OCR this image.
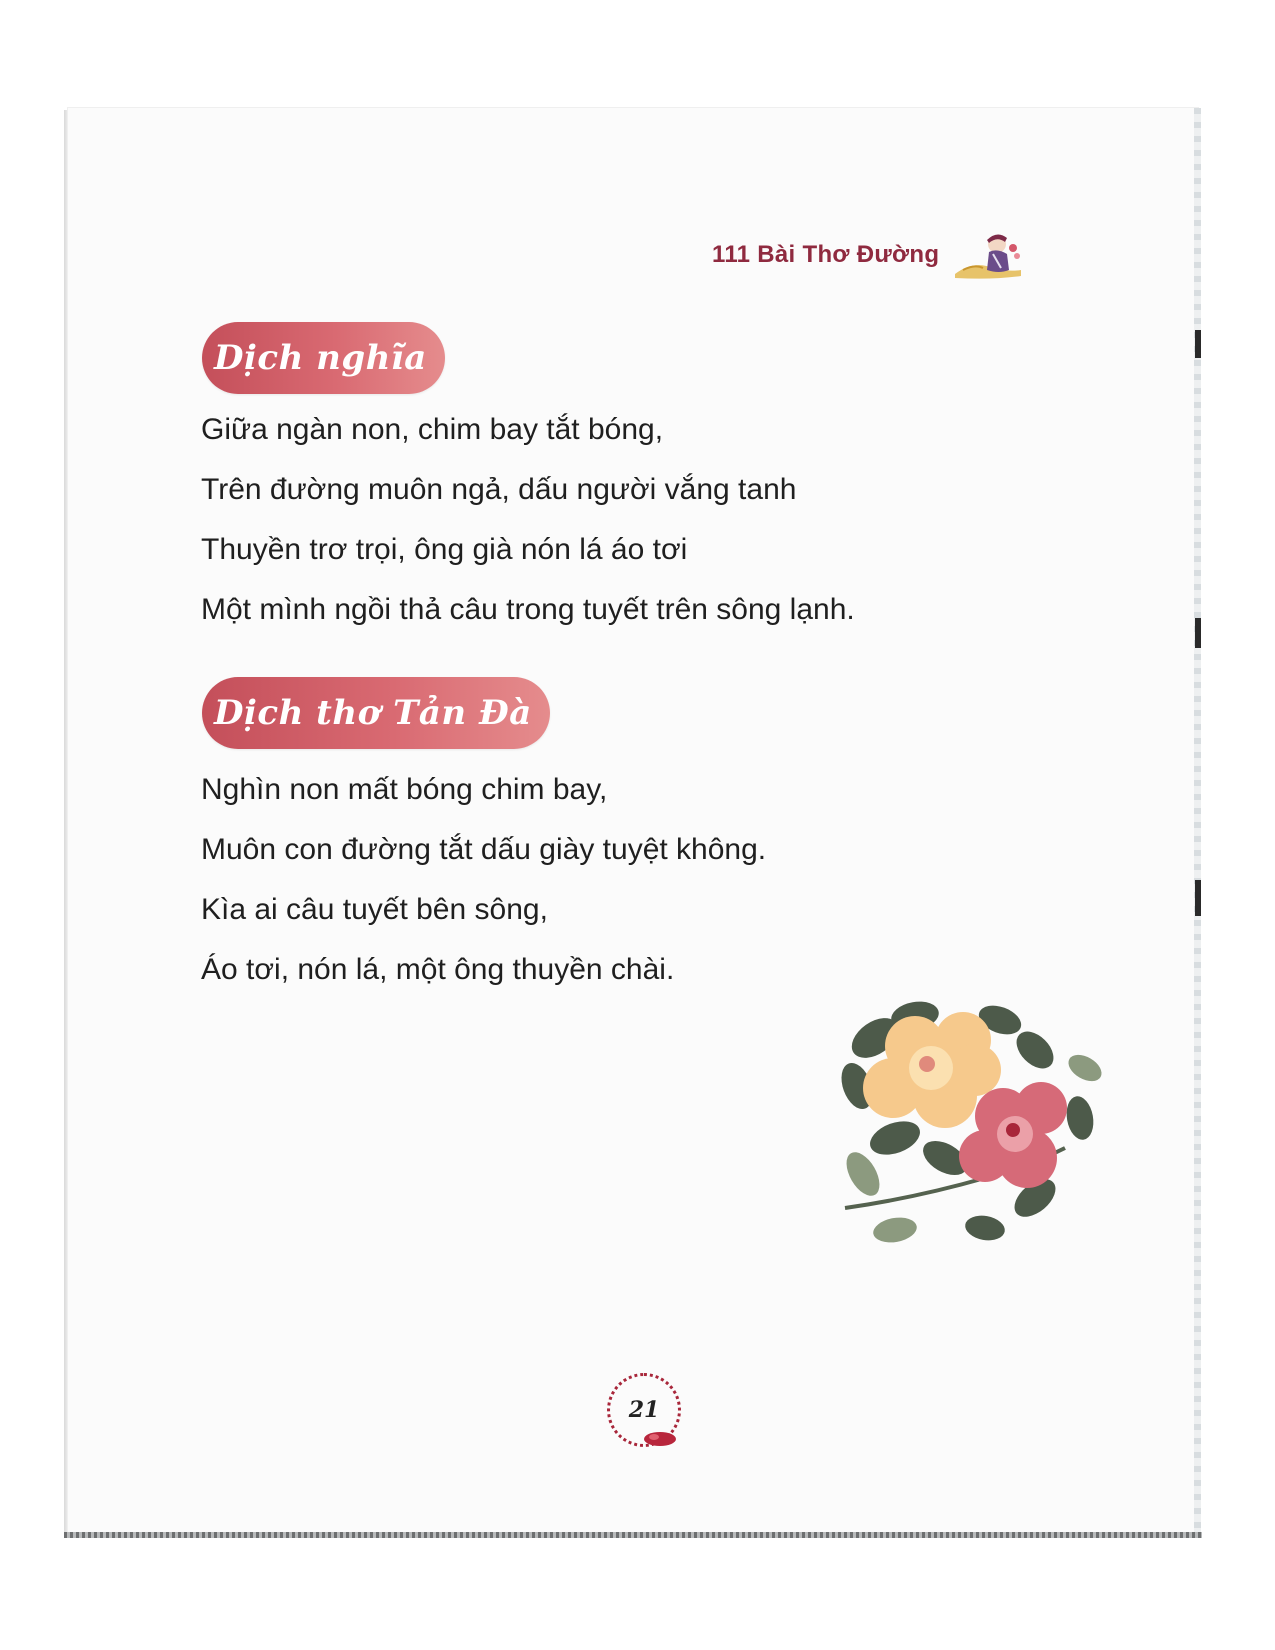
111 Bài Thơ Đường
Dịch nghĩa
Giữa ngàn non, chim bay tắt bóng,
Trên đường muôn ngả, dấu người vắng tanh
Thuyền trơ trọi, ông già nón lá áo tơi
Một mình ngồi thả câu trong tuyết trên sông lạnh.
Dịch thơ Tản Đà
Nghìn non mất bóng chim bay,
Muôn con đường tắt dấu giày tuyệt không.
Kìa ai câu tuyết bên sông,
Áo tơi, nón lá, một ông thuyền chài.
21
